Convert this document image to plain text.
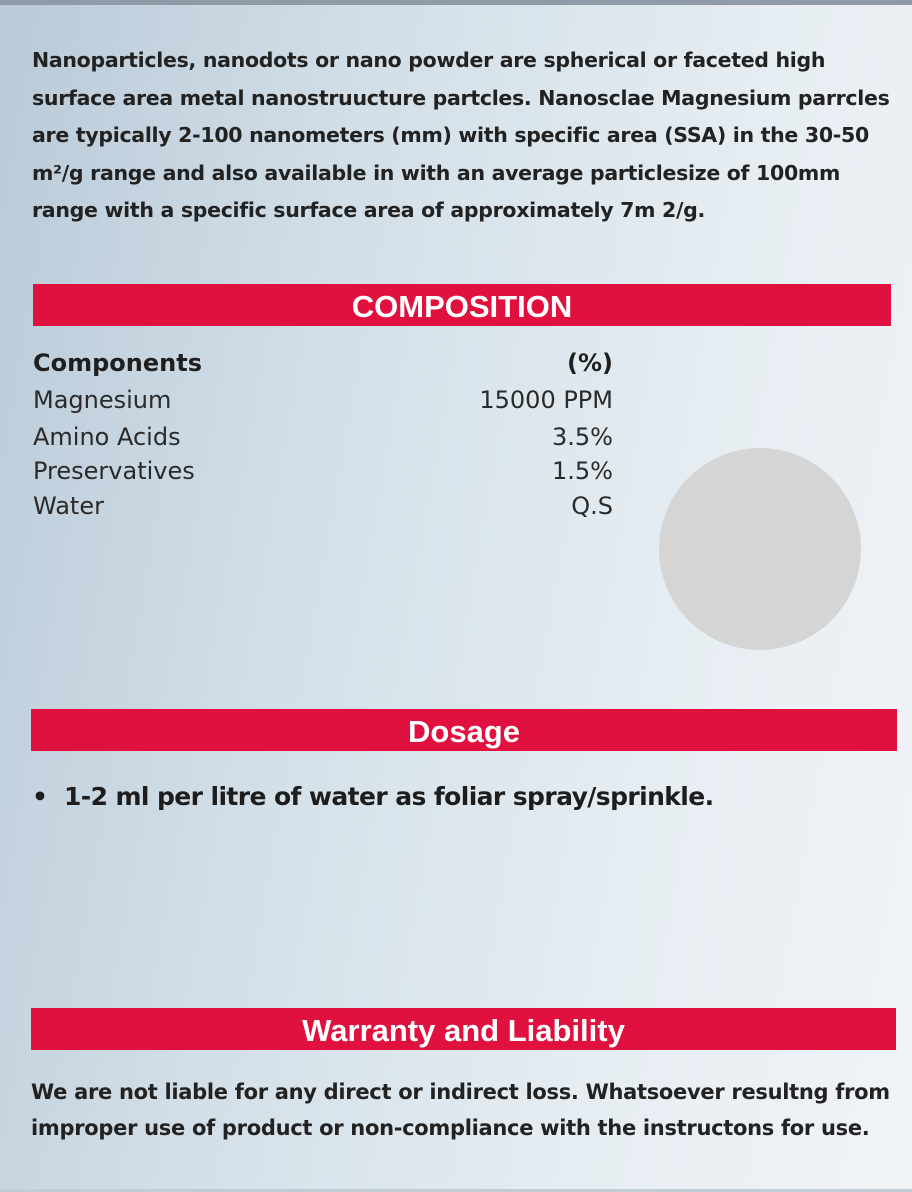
Nanoparticles, nanodots or nano powder are spherical or faceted high surface area metal nanostruucture partcles. Nanosclae Magnesium parrcles are typically 2-100 nanometers (mm) with specific area (SSA) in the 30-50 m²/g range and also available in with an average particlesize of 100mm range with a specific surface area of approximately 7m 2/g.

COMPOSITION
Components	(%)
Magnesium	15000 PPM
Amino Acids	3.5%
Preservatives	1.5%
Water	Q.S
Dosage
• 1-2 ml per litre of water as foliar spray/sprinkle.
Warranty and Liability

We are not liable for any direct or indirect loss. Whatsoever resultng from improper use of product or non-compliance with the instructons for use.
